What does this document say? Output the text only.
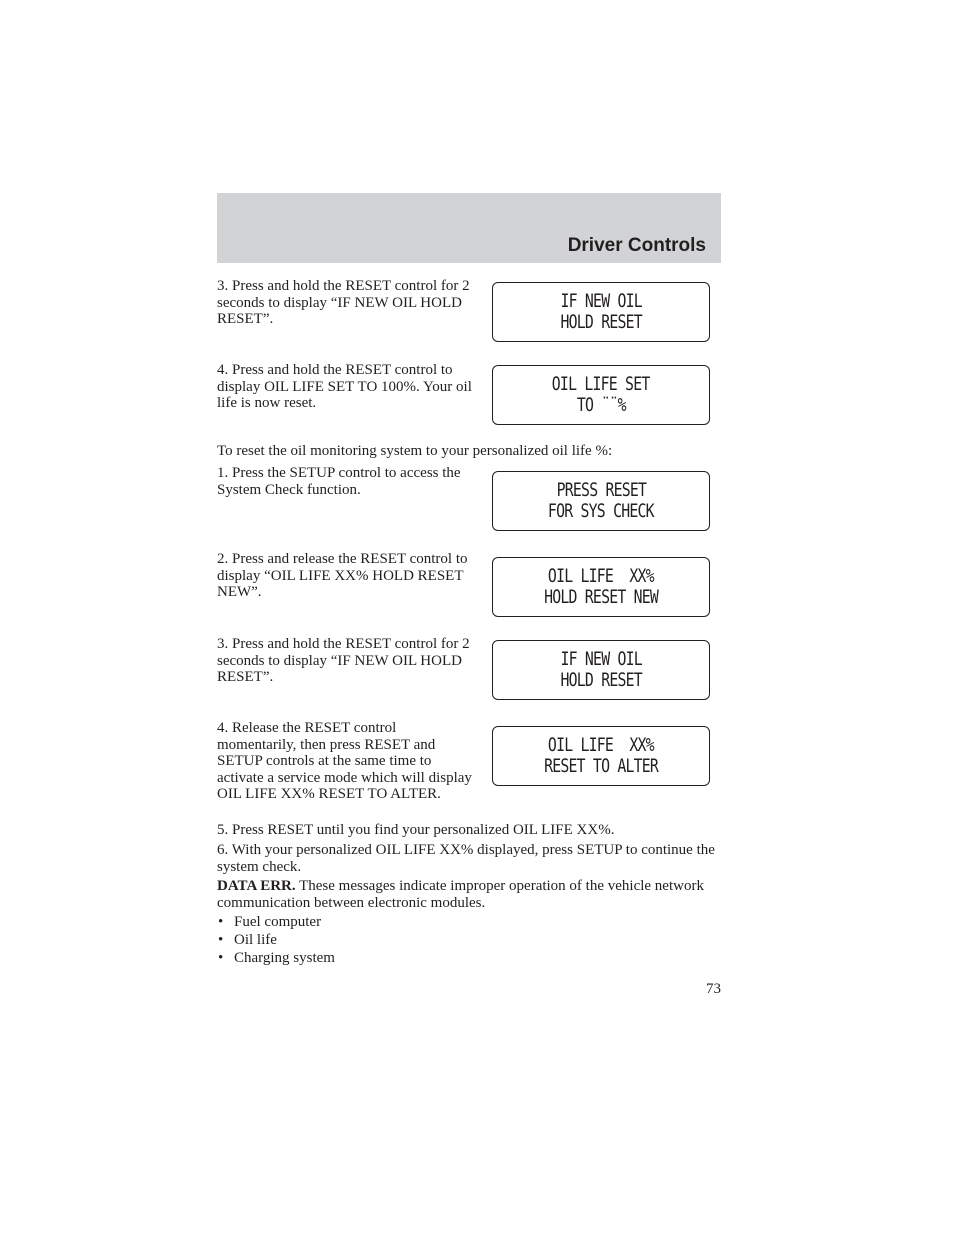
Driver Controls
3. Press and hold the RESET control for 2 seconds to display “IF NEW OIL HOLD RESET”.
IF NEW OIL
HOLD RESET
4. Press and hold the RESET control to display OIL LIFE SET TO 100%. Your oil life is now reset.
OIL LIFE SET
TO ¨¨%
To reset the oil monitoring system to your personalized oil life %:
1. Press the SETUP control to access the System Check function.	PRESS RESET
FOR SYS CHECK
2. Press and release the RESET control to display “OIL LIFE XX% HOLD RESET NEW”.
OIL LIFE  XX%
HOLD RESET NEW
3. Press and hold the RESET control for 2 seconds to display “IF NEW OIL HOLD RESET”.
IF NEW OIL
HOLD RESET
4. Release the RESET control momentarily, then press RESET and SETUP controls at the same time to activate a service mode which will display OIL LIFE XX% RESET TO ALTER.
OIL LIFE  XX%
RESET TO ALTER
5. Press RESET until you find your personalized OIL LIFE XX%.
6. With your personalized OIL LIFE XX% displayed, press SETUP to continue the system check.
DATA ERR. These messages indicate improper operation of the vehicle network communication between electronic modules.
• Fuel computer
• Oil life
• Charging system
73
